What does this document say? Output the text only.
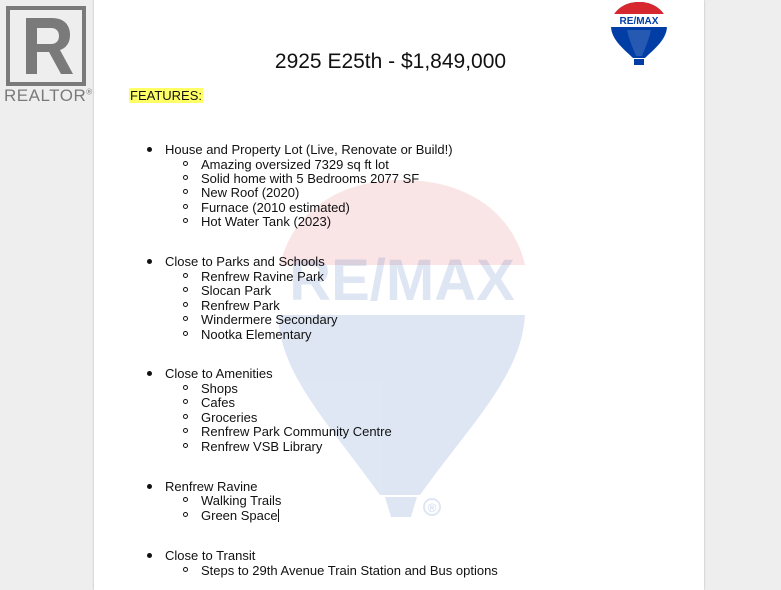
REALTOR®
RE/MAX
RE/MAX
®
2925 E25th - $1,849,000
FEATURES:
House and Property Lot (Live, Renovate or Build!)
Amazing oversized 7329 sq ft lot
Solid home with 5 Bedrooms 2077 SF
New Roof (2020)
Furnace (2010 estimated)
Hot Water Tank (2023)
Close to Parks and Schools
Renfrew Ravine Park
Slocan Park
Renfrew Park
Windermere Secondary
Nootka Elementary
Close to Amenities
Shops
Cafes
Groceries
Renfrew Park Community Centre
Renfrew VSB Library
Renfrew Ravine
Walking Trails
Green Space
Close to Transit
Steps to 29th Avenue Train Station and Bus options
